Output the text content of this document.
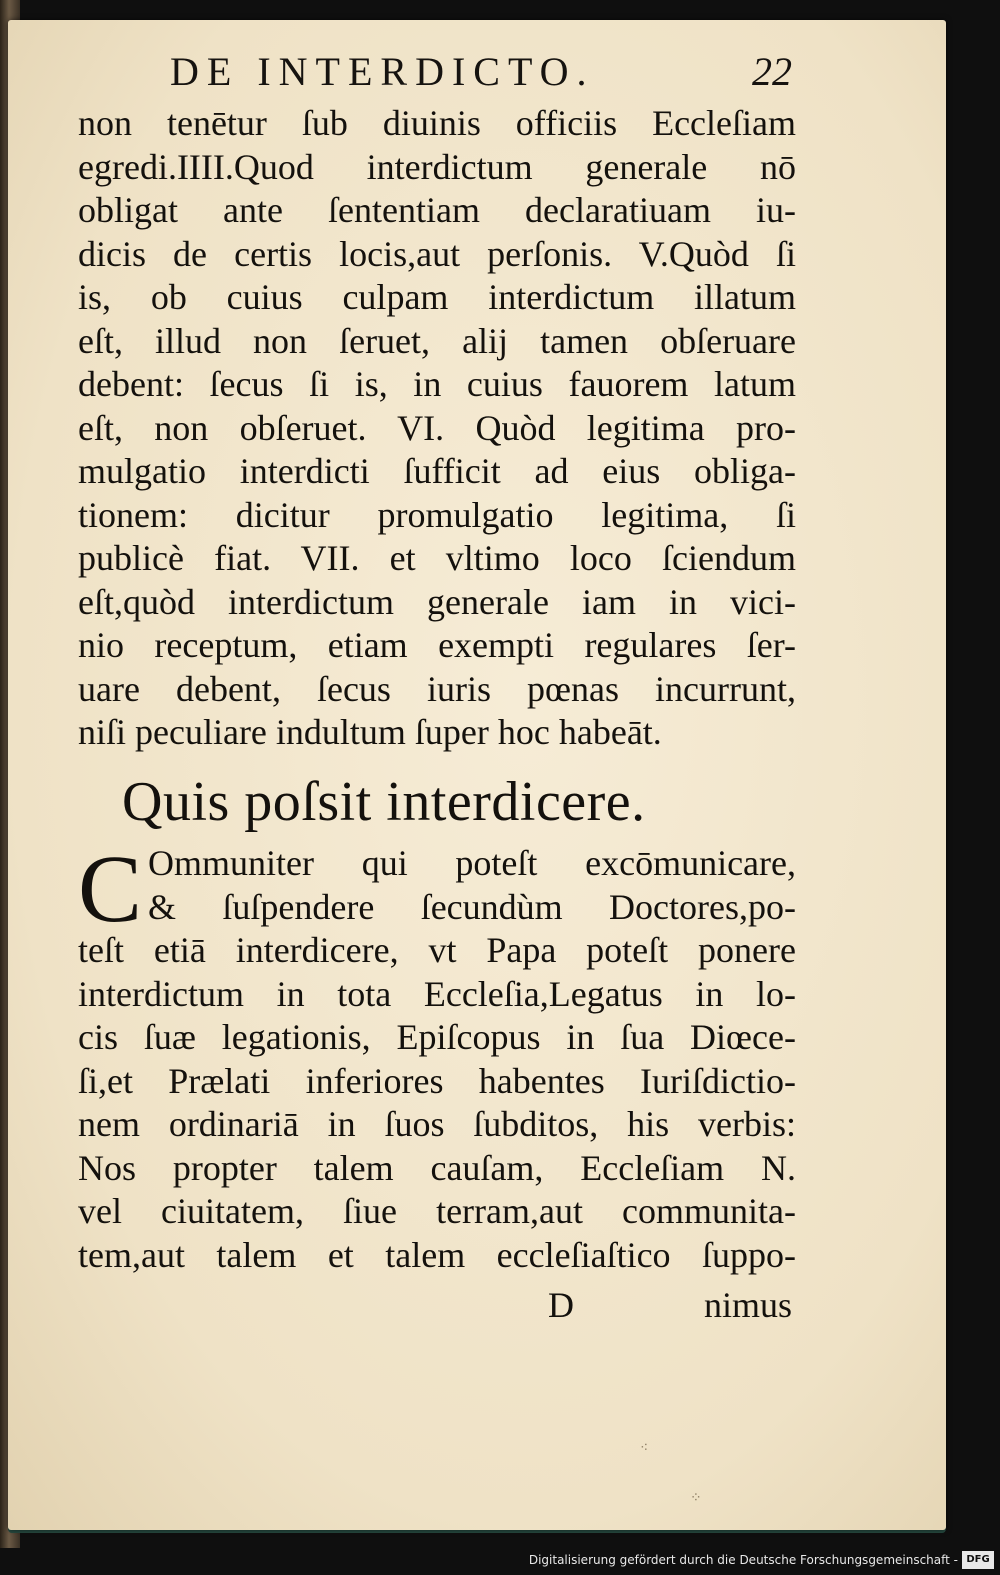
DE INTERDICTO.	22
non tenētur ſub diuinis officiis Eccleſiam
egredi.IIII.Quod interdictum generale nō
obligat ante ſententiam declaratiuam iu-
dicis de certis locis,aut perſonis. V.Quòd ſi
is, ob cuius culpam interdictum illatum
eſt, illud non ſeruet, alij tamen obſeruare
debent: ſecus ſi is, in cuius fauorem latum
eſt, non obſeruet. VI. Quòd legitima pro-
mulgatio interdicti ſufficit ad eius obliga-
tionem: dicitur promulgatio legitima, ſi
publicè fiat. VII. et vltimo loco ſciendum
eſt,quòd interdictum generale iam in vici-
nio receptum, etiam exempti regulares ſer-
uare debent, ſecus iuris pœnas incurrunt,
niſi peculiare indultum ſuper hoc habeāt.
Quis poſsit interdicere.
C Ommuniter qui poteſt excōmunicare,
& ſuſpendere ſecundùm Doctores,po-
teſt etiā interdicere, vt Papa poteſt ponere
interdictum in tota Eccleſia,Legatus in lo-
cis ſuæ legationis, Epiſcopus in ſua Diœce-
ſi,et Prælati inferiores habentes Iuriſdictio-
nem ordinariā in ſuos ſubditos, his verbis:
Nos propter talem cauſam, Eccleſiam N.
vel ciuitatem, ſiue terram,aut communita-
tem,aut talem et talem eccleſiaſtico ſuppo-
D	nimus
⁖
⁘
Digitalisierung gefördert durch die Deutsche Forschungsgemeinschaft - DFG
